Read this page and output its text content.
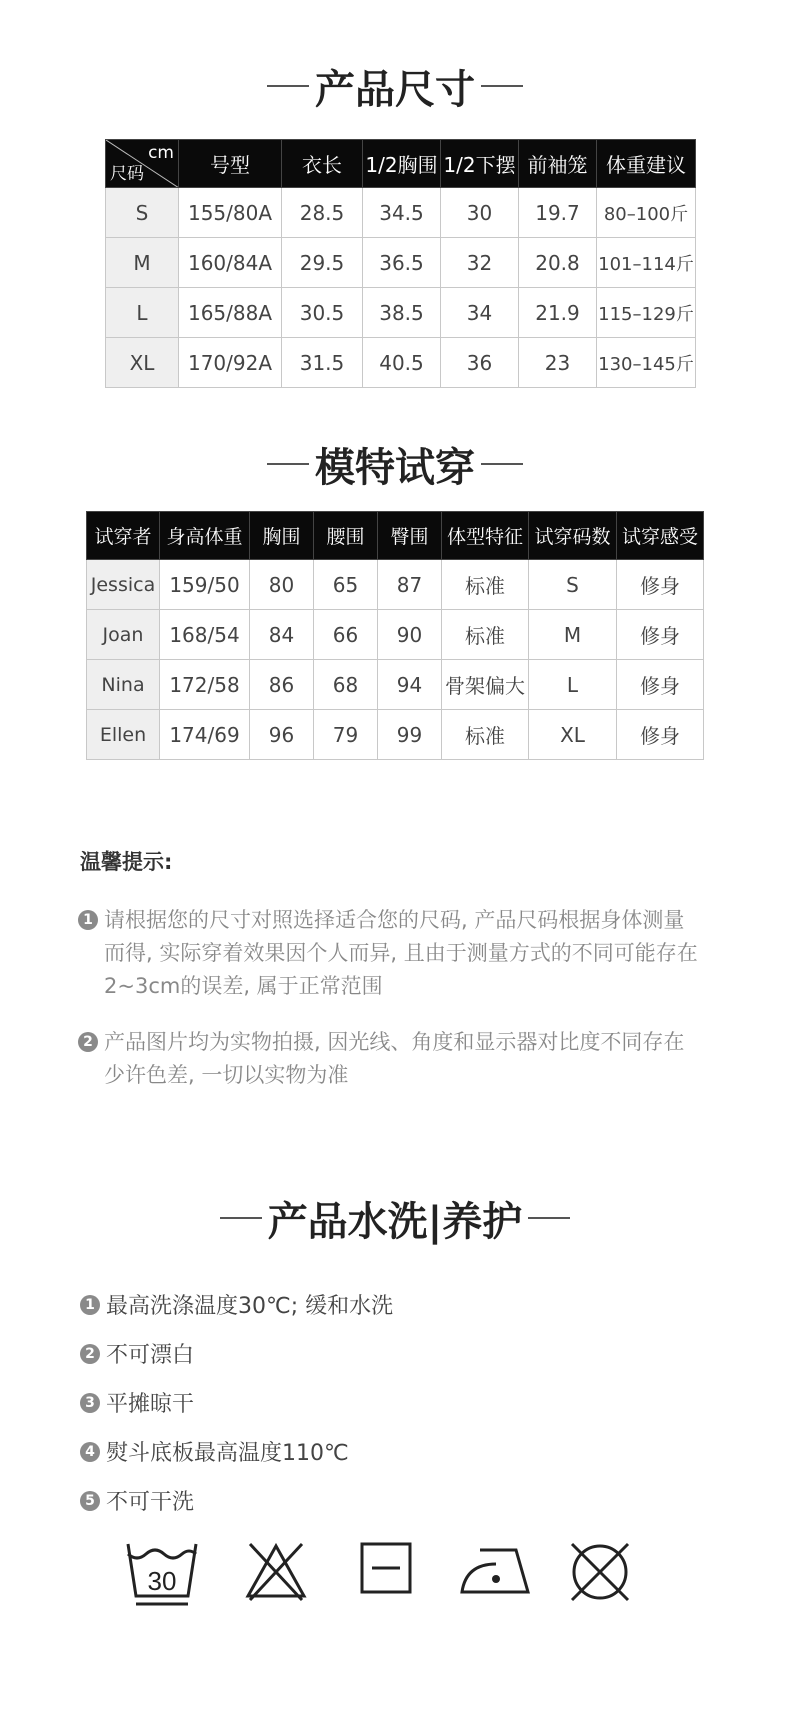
产品尺寸
cm
尺码	号型	衣长	1/2胸围	1/2下摆	前袖笼	体重建议
S	155/80A	28.5	34.5	30	19.7	80–100斤
M	160/84A	29.5	36.5	32	20.8	101–114斤
L	165/88A	30.5	38.5	34	21.9	115–129斤
XL	170/92A	31.5	40.5	36	23	130–145斤
模特试穿
试穿者	身高体重	胸围	腰围	臀围	体型特征	试穿码数	试穿感受
Jessica	159/50	80	65	87	标准	S	修身
Joan	168/54	84	66	90	标准	M	修身
Nina	172/58	86	68	94	骨架偏大	L	修身
Ellen	174/69	96	79	99	标准	XL	修身
温馨提示:
1 请根据您的尺寸对照选择适合您的尺码, 产品尺码根据身体测量而得, 实际穿着效果因个人而异, 且由于测量方式的不同可能存在2~3cm的误差, 属于正常范围
2 产品图片均为实物拍摄, 因光线、角度和显示器对比度不同存在少许色差, 一切以实物为准
产品水洗|养护
1 最高洗涤温度30℃; 缓和水洗
2 不可漂白
3 平摊晾干
4 熨斗底板最高温度110℃
5 不可干洗
30
